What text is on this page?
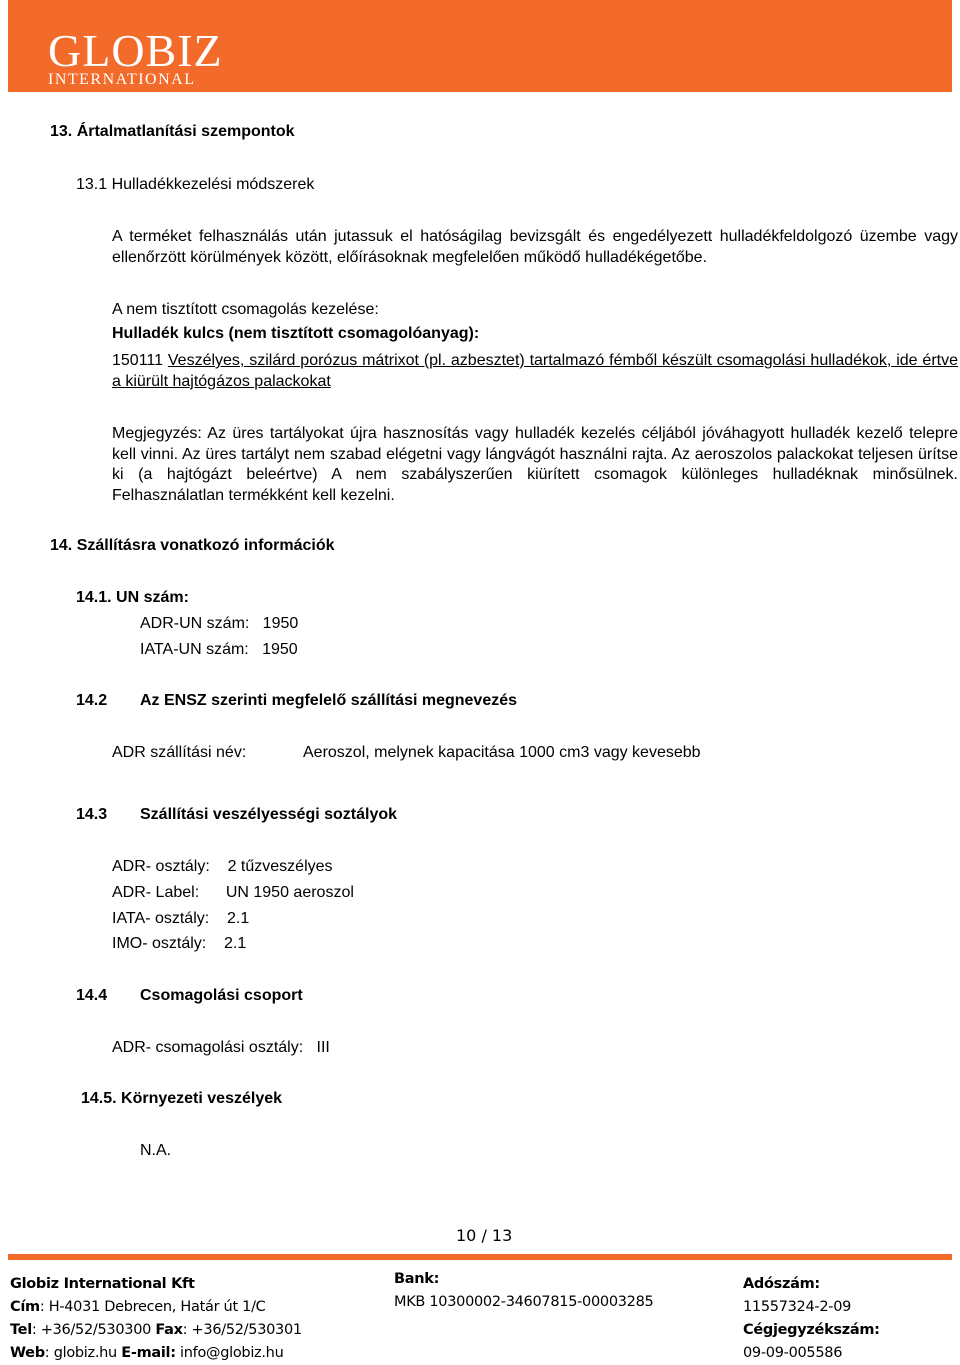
GLOBIZ
INTERNATIONAL
13. Ártalmatlanítási szempontok
13.1 Hulladékkezelési módszerek
A terméket felhasználás után jutassuk el hatóságilag bevizsgált és engedélyezett hulladékfeldolgozó üzembe vagy ellenőrzött körülmények között, előírásoknak megfelelően működő hulladékégetőbe.
A nem tisztított csomagolás kezelése:
Hulladék kulcs (nem tisztított csomagolóanyag):
150111 Veszélyes, szilárd porózus mátrixot (pl. azbesztet) tartalmazó fémből készült csomagolási hulladékok, ide értve a kiürült hajtógázos palackokat
Megjegyzés: Az üres tartályokat újra hasznosítás vagy hulladék kezelés céljából jóváhagyott hulladék kezelő telepre kell vinni. Az üres tartályt nem szabad elégetni vagy lángvágót használni rajta. Az aeroszolos palackokat teljesen ürítse ki (a hajtógázt beleértve) A nem szabályszerűen kiürített csomagok különleges hulladéknak minősülnek. Felhasználatlan termékként kell kezelni.
14. Szállításra vonatkozó információk
14.1. UN szám:
ADR-UN szám:   1950
IATA-UN szám:   1950
14.2 Az ENSZ szerinti megfelelő szállítási megnevezés
ADR szállítási név:	Aeroszol, melynek kapacitása 1000 cm3 vagy kevesebb
14.3 Szállítási veszélyességi soztályok
ADR- osztály:    2 tűzveszélyes
ADR- Label:      UN 1950 aeroszol
IATA- osztály:    2.1
IMO- osztály:    2.1
14.4 Csomagolási csoport
ADR- csomagolási osztály:   III
14.5. Környezeti veszélyek
N.A.
10 / 13
Globiz International Kft
Cím: H-4031 Debrecen, Határ út 1/C
Tel: +36/52/530300 Fax: +36/52/530301
Web: globiz.hu E-mail: info@globiz.hu
Bank:
MKB 10300002-34607815-00003285
Adószám:
11557324-2-09
Cégjegyzékszám:
09-09-005586
